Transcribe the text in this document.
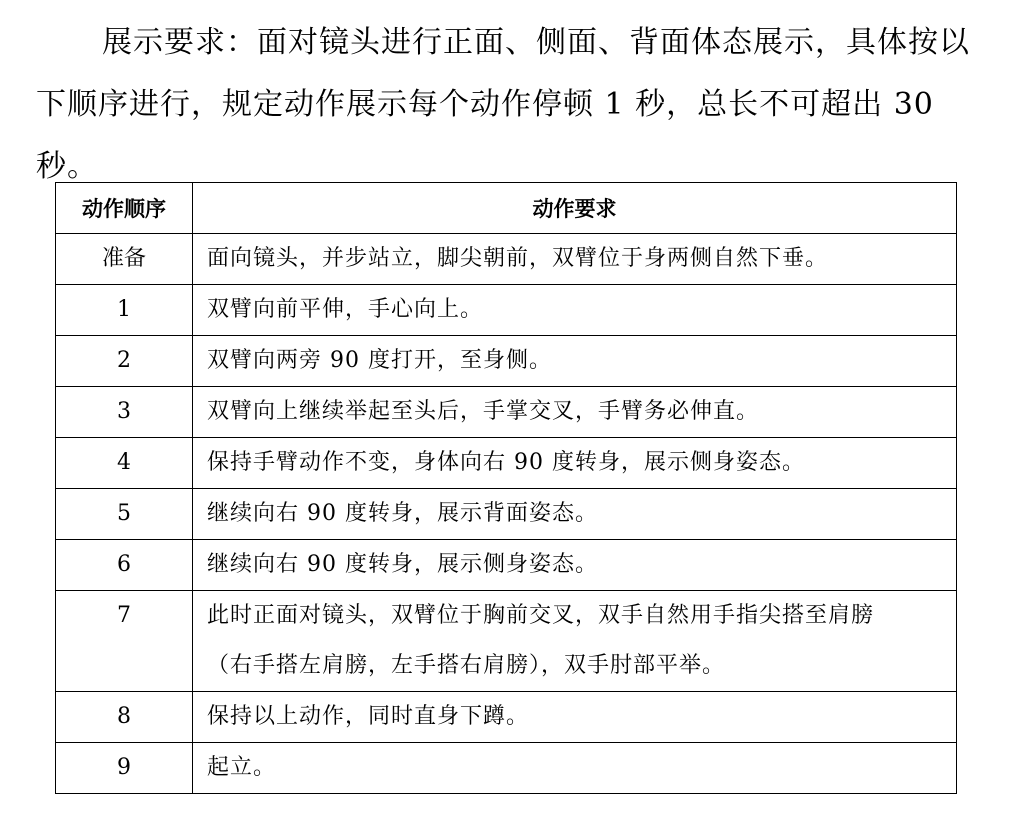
展示要求：面对镜头进行正面、侧面、背面体态展示，具体按以下顺序进行，规定动作展示每个动作停顿 1 秒，总长不可超出 30 秒。

动作顺序	动作要求
准备	面向镜头，并步站立，脚尖朝前，双臂位于身两侧自然下垂。

1	双臂向前平伸，手心向上。

2	双臂向两旁 90 度打开，至身侧。

3	双臂向上继续举起至头后，手掌交叉，手臂务必伸直。

4	保持手臂动作不变，身体向右 90 度转身，展示侧身姿态。

5	继续向右 90 度转身，展示背面姿态。

6	继续向右 90 度转身，展示侧身姿态。

7	此时正面对镜头，双臂位于胸前交叉，双手自然用手指尖搭至肩膀
（右手搭左肩膀，左手搭右肩膀），双手肘部平举。

8	保持以上动作，同时直身下蹲。

9	起立。
